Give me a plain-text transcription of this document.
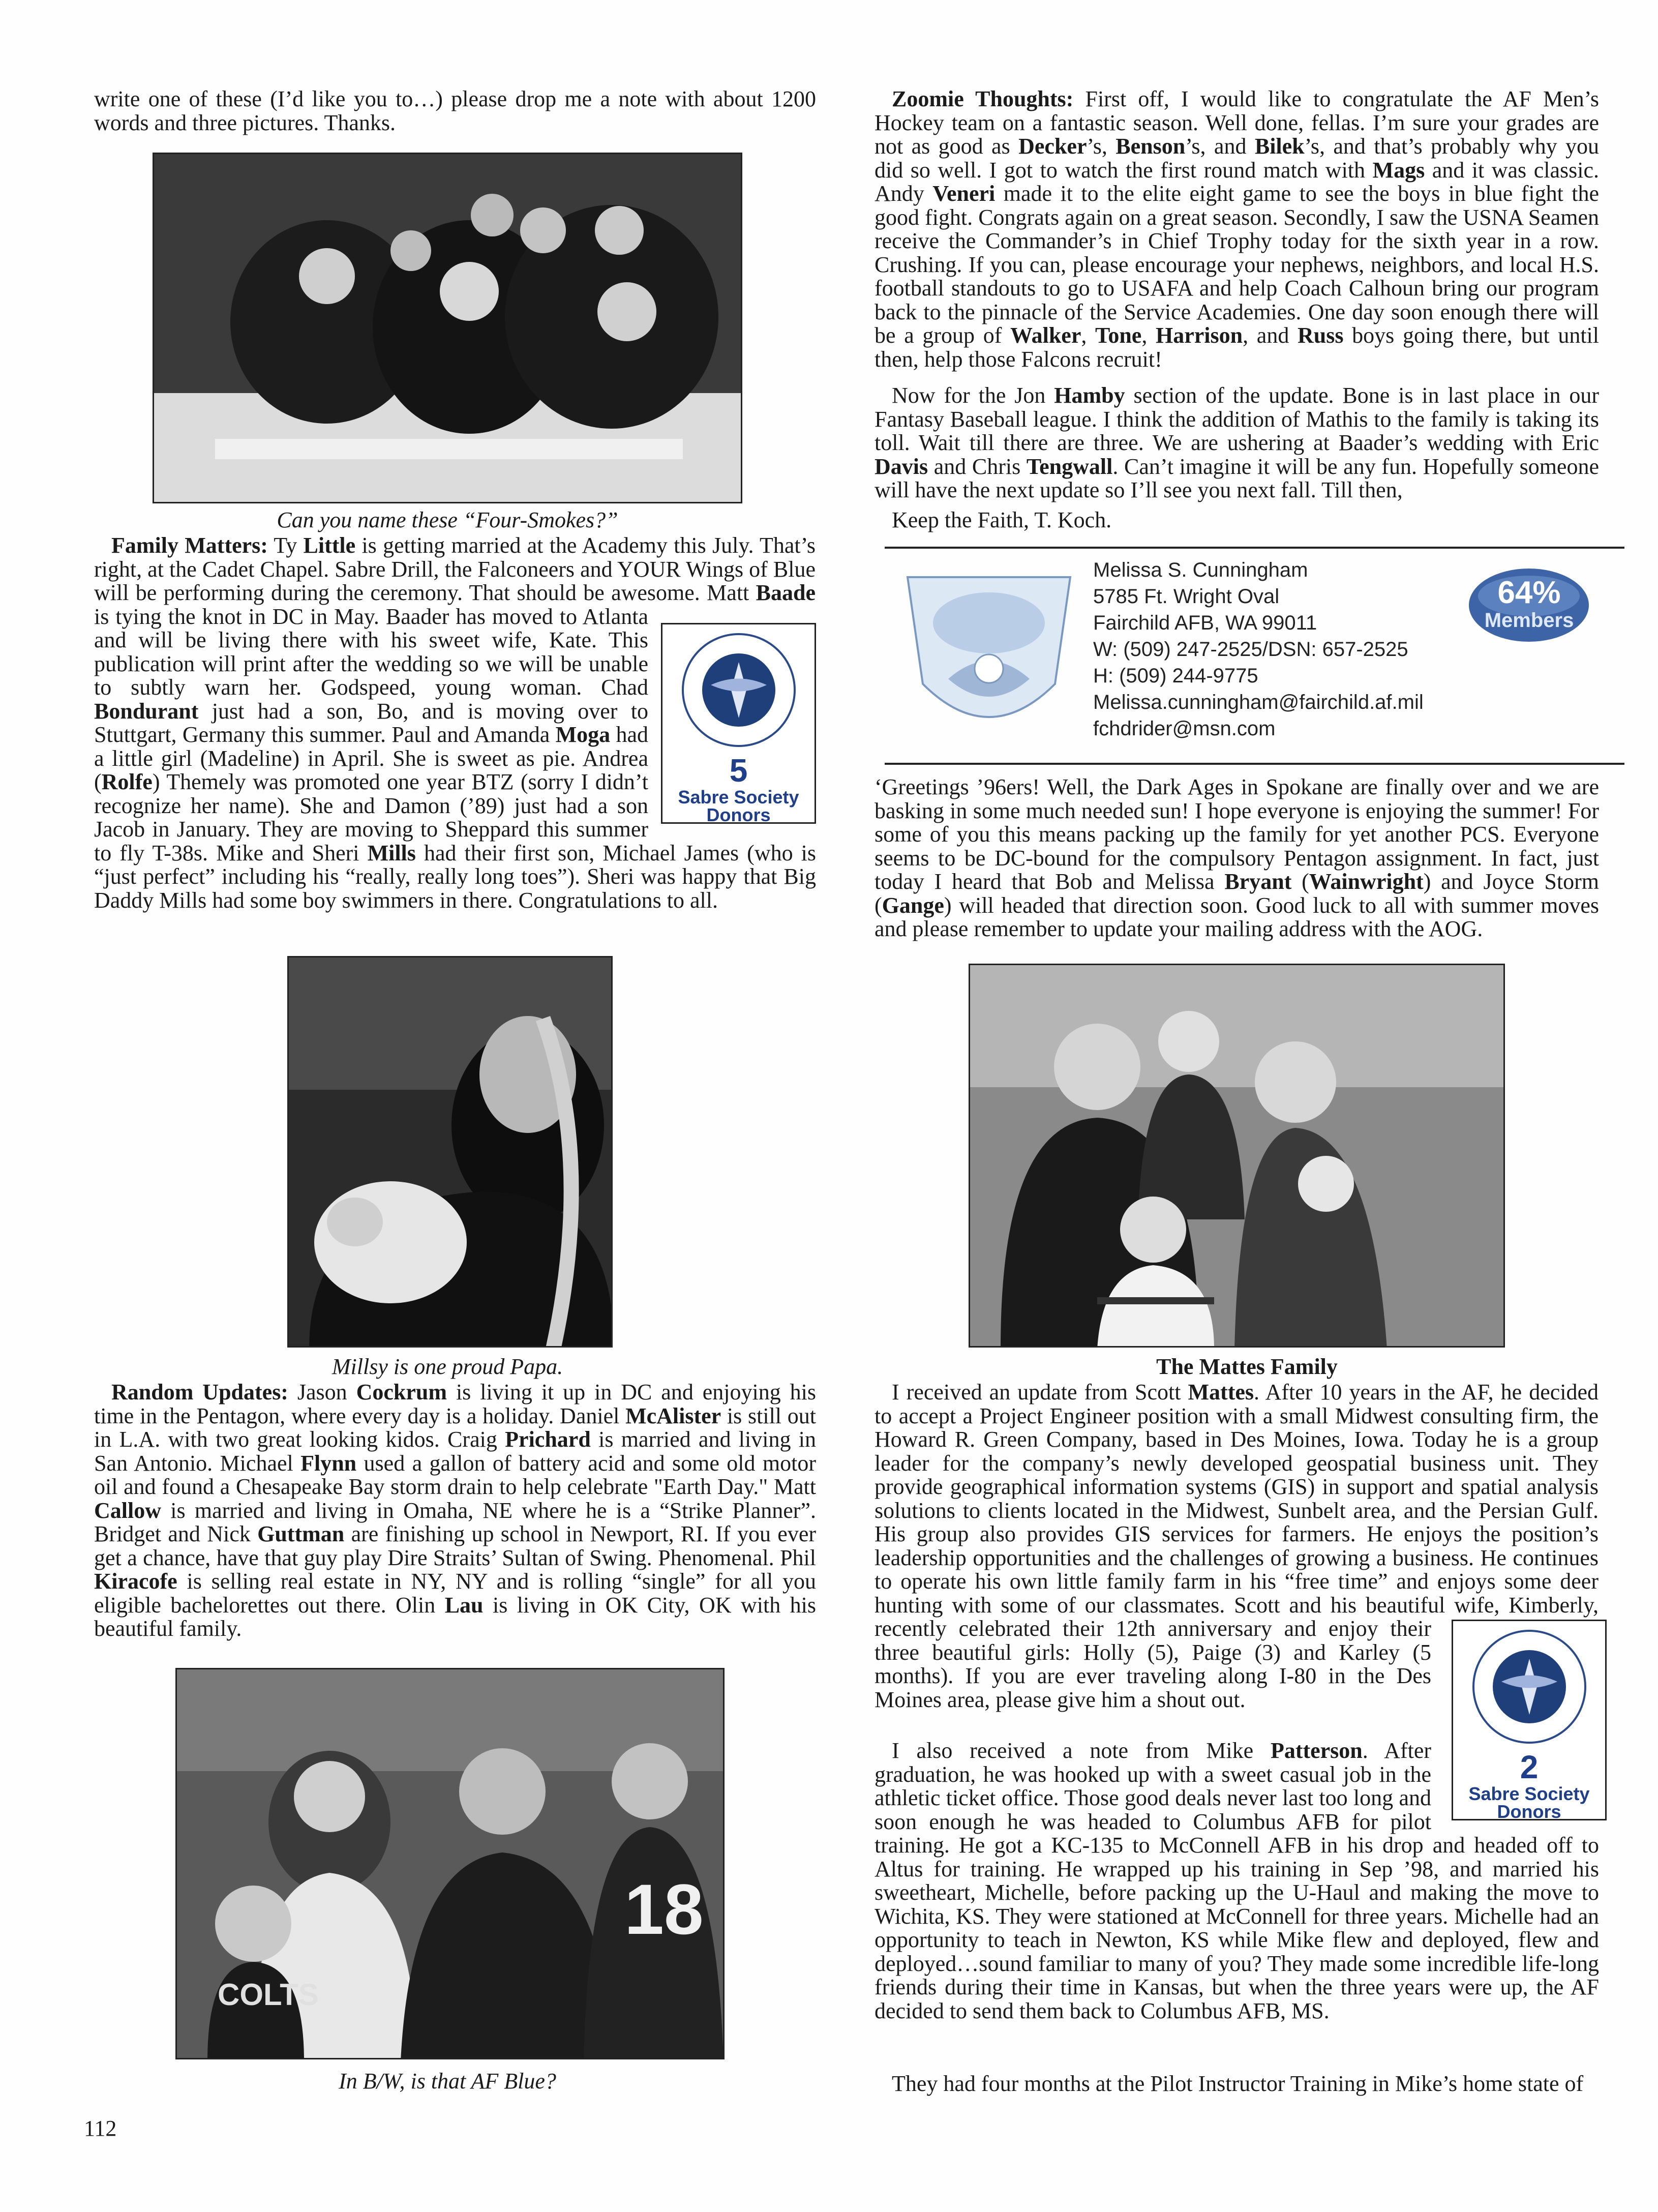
write one of these (I’d like you to…) please drop me a note with about 1200 words and three pictures. Thanks.

Can you name these “Four-Smokes?”

Family Matters: Ty Little is getting married at the Academy this July. That’s right, at the Cadet Chapel. Sabre Drill, the Falconeers and YOUR Wings of Blue will be performing during the ceremony. That should be awesome. Matt Baade is tying the knot in DC in May. Baader has moved to Atlanta and will be living there with his sweet wife, Kate. This publication will print after the wedding so we will be unable to subtly warn her. Godspeed, young woman. Chad Bondurant just had a son, Bo, and is moving over to Stuttgart, Germany this summer. Paul and Amanda Moga had a little girl (Madeline) in April. She is sweet as pie. Andrea (Rolfe) Themely was promoted one year BTZ (sorry I didn’t recognize her name). She and Damon (’89) just had a son Jacob in January. They are moving to Sheppard this summer to fly T-38s. Mike and Sheri Mills had their first son, Michael James (who is “just perfect” including his “really, really long toes”). Sheri was happy that Big Daddy Mills had some boy swimmers in there. Congratulations to all.

5
Sabre Society
Donors

Millsy is one proud Papa.

Random Updates: Jason Cockrum is living it up in DC and enjoying his time in the Pentagon, where every day is a holiday. Daniel McAlister is still out in L.A. with two great looking kidos. Craig Prichard is married and living in San Antonio. Michael Flynn used a gallon of battery acid and some old motor oil and found a Chesapeake Bay storm drain to help celebrate "Earth Day." Matt Callow is married and living in Omaha, NE where he is a “Strike Planner”. Bridget and Nick Guttman are finishing up school in Newport, RI. If you ever get a chance, have that guy play Dire Straits’ Sultan of Swing. Phenomenal. Phil Kiracofe is selling real estate in NY, NY and is rolling “single” for all you eligible bachelorettes out there. Olin Lau is living in OK City, OK with his beautiful family.

18
COLTS

In B/W, is that AF Blue?

112

Zoomie Thoughts: First off, I would like to congratulate the AF Men’s Hockey team on a fantastic season. Well done, fellas. I’m sure your grades are not as good as Decker’s, Benson’s, and Bilek’s, and that’s probably why you did so well. I got to watch the first round match with Mags and it was classic. Andy Veneri made it to the elite eight game to see the boys in blue fight the good fight. Congrats again on a great season. Secondly, I saw the USNA Seamen receive the Commander’s in Chief Trophy today for the sixth year in a row. Crushing. If you can, please encourage your nephews, neighbors, and local H.S. football standouts to go to USAFA and help Coach Calhoun bring our program back to the pinnacle of the Service Academies. One day soon enough there will be a group of Walker, Tone, Harrison, and Russ boys going there, but until then, help those Falcons recruit!

Now for the Jon Hamby section of the update. Bone is in last place in our Fantasy Baseball league. I think the addition of Mathis to the family is taking its toll. Wait till there are three. We are ushering at Baader’s wedding with Eric Davis and Chris Tengwall. Can’t imagine it will be any fun. Hopefully someone will have the next update so I’ll see you next fall. Till then,

Keep the Faith, T. Koch.

Melissa S. Cunningham
5785 Ft. Wright Oval
Fairchild AFB, WA 99011
W: (509) 247-2525/DSN: 657-2525
H: (509) 244-9775
Melissa.cunningham@fairchild.af.mil
fchdrider@msn.com
64%
Members

‘Greetings ’96ers! Well, the Dark Ages in Spokane are finally over and we are basking in some much needed sun! I hope everyone is enjoying the summer! For some of you this means packing up the family for yet another PCS. Everyone seems to be DC-bound for the compulsory Pentagon assignment. In fact, just today I heard that Bob and Melissa Bryant (Wainwright) and Joyce Storm (Gange) will headed that direction soon. Good luck to all with summer moves and please remember to update your mailing address with the AOG.

The Mattes Family

I received an update from Scott Mattes. After 10 years in the AF, he decided to accept a Project Engineer position with a small Midwest consulting firm, the Howard R. Green Company, based in Des Moines, Iowa. Today he is a group leader for the company’s newly developed geospatial business unit. They provide geographical information systems (GIS) in support and spatial analysis solutions to clients located in the Midwest, Sunbelt area, and the Persian Gulf. His group also provides GIS services for farmers. He enjoys the position’s leadership opportunities and the challenges of growing a business. He continues to operate his own little family farm in his “free time” and enjoys some deer hunting with some of our classmates. Scott and his beautiful wife, Kimberly, recently celebrated their 12th anniversary and enjoy their three beautiful girls: Holly (5), Paige (3) and Karley (5 months). If you are ever traveling along I-80 in the Des Moines area, please give him a shout out.

2
Sabre Society
Donors

I also received a note from Mike Patterson. After graduation, he was hooked up with a sweet casual job in the athletic ticket office. Those good deals never last too long and soon enough he was headed to Columbus AFB for pilot training. He got a KC-135 to McConnell AFB in his drop and headed off to Altus for training. He wrapped up his training in Sep ’98, and married his sweetheart, Michelle, before packing up the U-Haul and making the move to Wichita, KS. They were stationed at McConnell for three years. Michelle had an opportunity to teach in Newton, KS while Mike flew and deployed, flew and deployed…sound familiar to many of you? They made some incredible life-long friends during their time in Kansas, but when the three years were up, the AF decided to send them back to Columbus AFB, MS.

They had four months at the Pilot Instructor Training in Mike’s home state of
